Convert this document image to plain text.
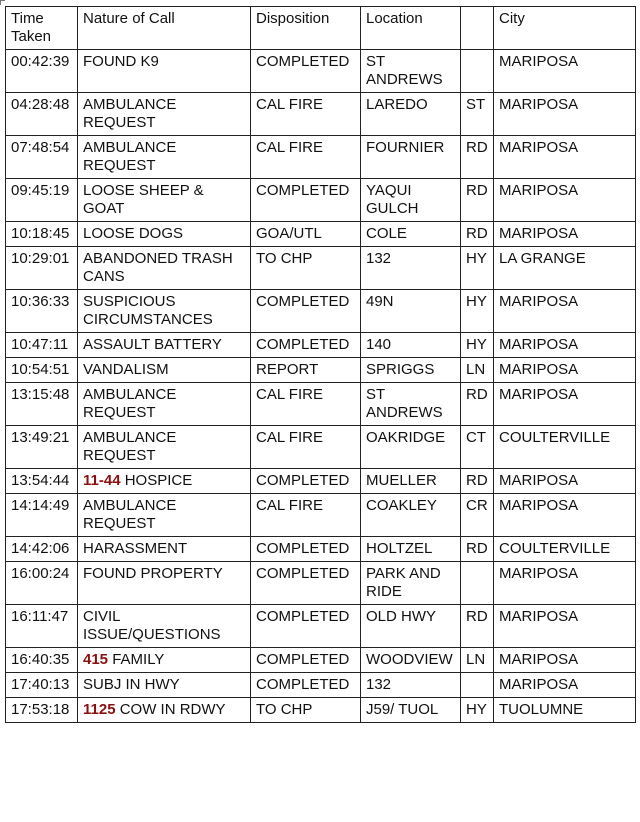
Time Taken	Nature of Call	Disposition	Location		City
00:42:39	FOUND K9	COMPLETED	ST ANDREWS		MARIPOSA
04:28:48	AMBULANCE REQUEST	CAL FIRE	LAREDO	ST	MARIPOSA
07:48:54	AMBULANCE REQUEST	CAL FIRE	FOURNIER	RD	MARIPOSA
09:45:19	LOOSE SHEEP & GOAT	COMPLETED	YAQUI GULCH	RD	MARIPOSA
10:18:45	LOOSE DOGS	GOA/UTL	COLE	RD	MARIPOSA
10:29:01	ABANDONED TRASH CANS	TO CHP	132	HY	LA GRANGE
10:36:33	SUSPICIOUS CIRCUMSTANCES	COMPLETED	49N	HY	MARIPOSA
10:47:11	ASSAULT BATTERY	COMPLETED	140	HY	MARIPOSA
10:54:51	VANDALISM	REPORT	SPRIGGS	LN	MARIPOSA
13:15:48	AMBULANCE REQUEST	CAL FIRE	ST ANDREWS	RD	MARIPOSA
13:49:21	AMBULANCE REQUEST	CAL FIRE	OAKRIDGE	CT	COULTERVILLE
13:54:44	11-44 HOSPICE	COMPLETED	MUELLER	RD	MARIPOSA
14:14:49	AMBULANCE REQUEST	CAL FIRE	COAKLEY	CR	MARIPOSA
14:42:06	HARASSMENT	COMPLETED	HOLTZEL	RD	COULTERVILLE
16:00:24	FOUND PROPERTY	COMPLETED	PARK AND RIDE		MARIPOSA
16:11:47	CIVIL ISSUE/QUESTIONS	COMPLETED	OLD HWY	RD	MARIPOSA
16:40:35	415 FAMILY	COMPLETED	WOODVIEW	LN	MARIPOSA
17:40:13	SUBJ IN HWY	COMPLETED	132		MARIPOSA
17:53:18	1125 COW IN RDWY	TO CHP	J59/ TUOL	HY	TUOLUMNE
